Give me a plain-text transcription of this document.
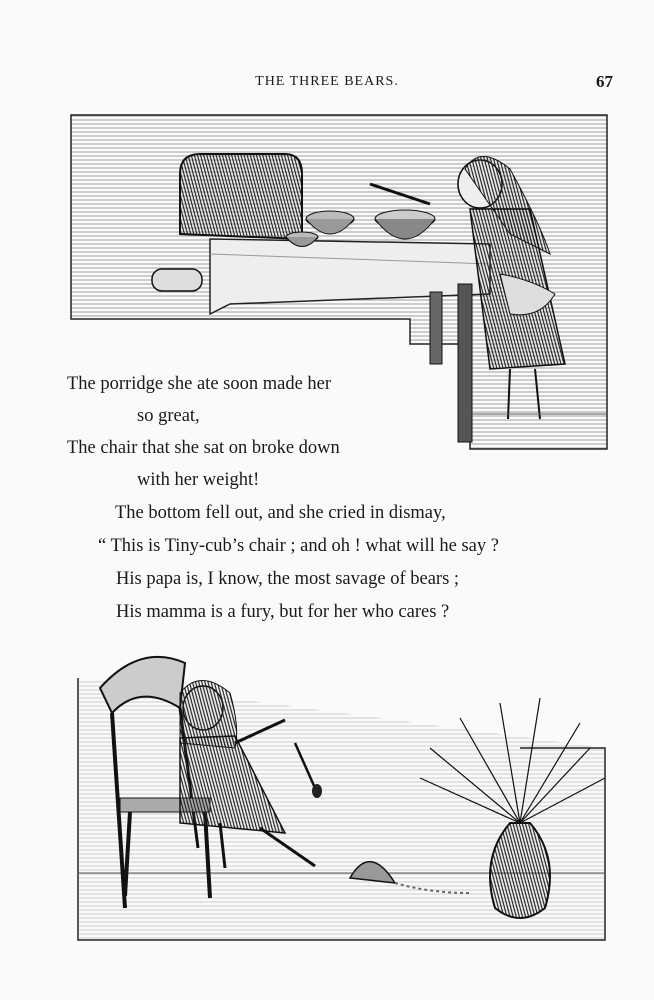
THE THREE BEARS.	67
The porridge she ate soon made her
so great,
The chair that she sat on broke down
with her weight!
The bottom fell out, and she cried in dismay,
“ This is Tiny-cub’s chair ; and oh ! what will he say ?
His papa is, I know, the most savage of bears ;
His mamma is a fury, but for her who cares ?
